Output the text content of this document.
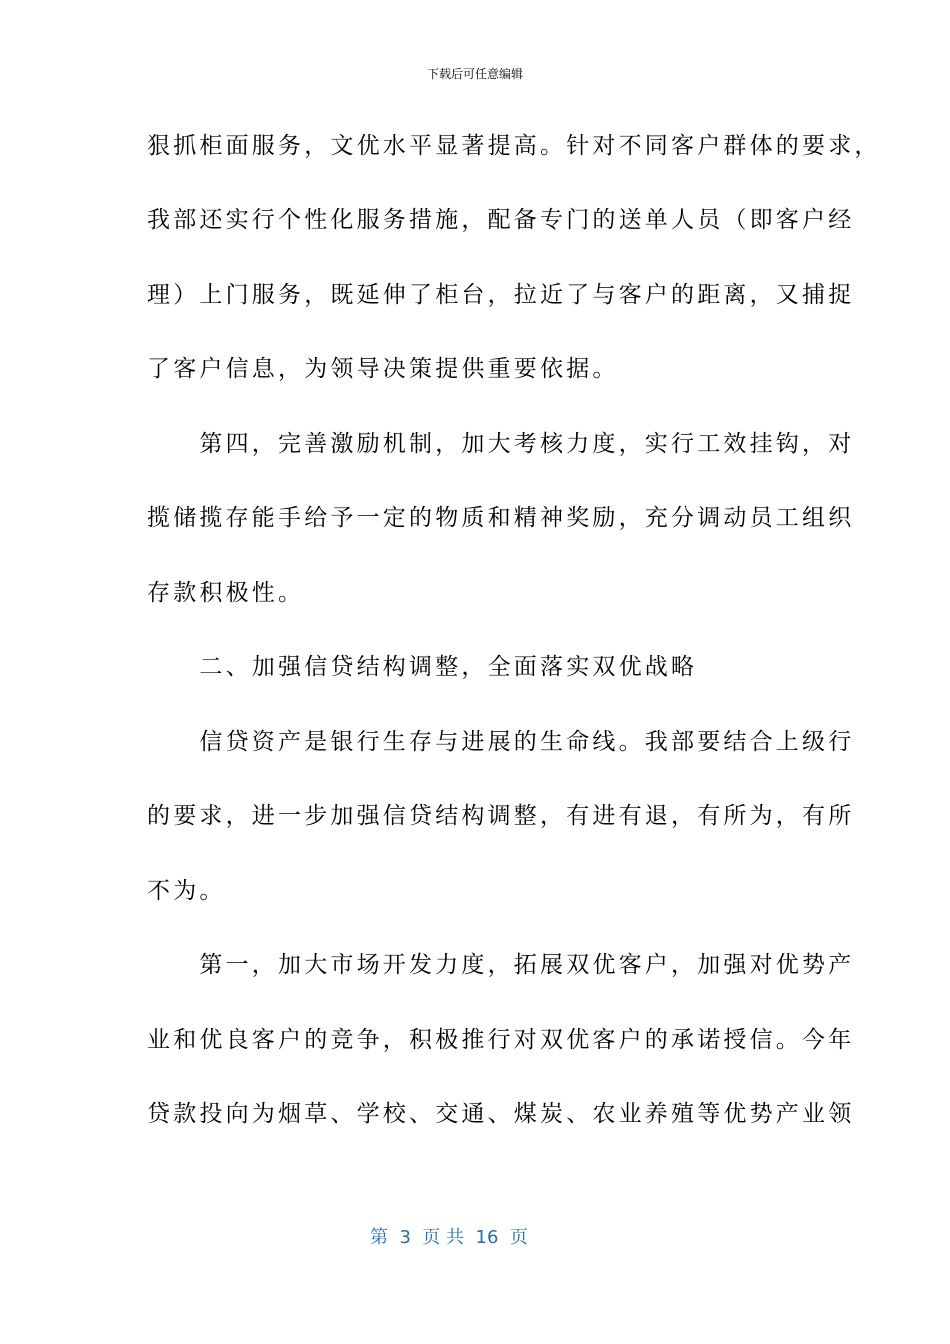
下载后可任意编辑
狠抓柜面服务，文优水平显著提高。针对不同客户群体的要求，
我部还实行个性化服务措施，配备专门的送单人员（即客户经
理）上门服务，既延伸了柜台，拉近了与客户的距离，又捕捉
了客户信息，为领导决策提供重要依据。
　　第四，完善激励机制，加大考核力度，实行工效挂钩，对
揽储揽存能手给予一定的物质和精神奖励，充分调动员工组织
存款积极性。
　　二、加强信贷结构调整，全面落实双优战略
　　信贷资产是银行生存与进展的生命线。我部要结合上级行
的要求，进一步加强信贷结构调整，有进有退，有所为，有所
不为。
　　第一，加大市场开发力度，拓展双优客户，加强对优势产
业和优良客户的竞争，积极推行对双优客户的承诺授信。今年
贷款投向为烟草、学校、交通、煤炭、农业养殖等优势产业领
第  3  页 共  16  页
